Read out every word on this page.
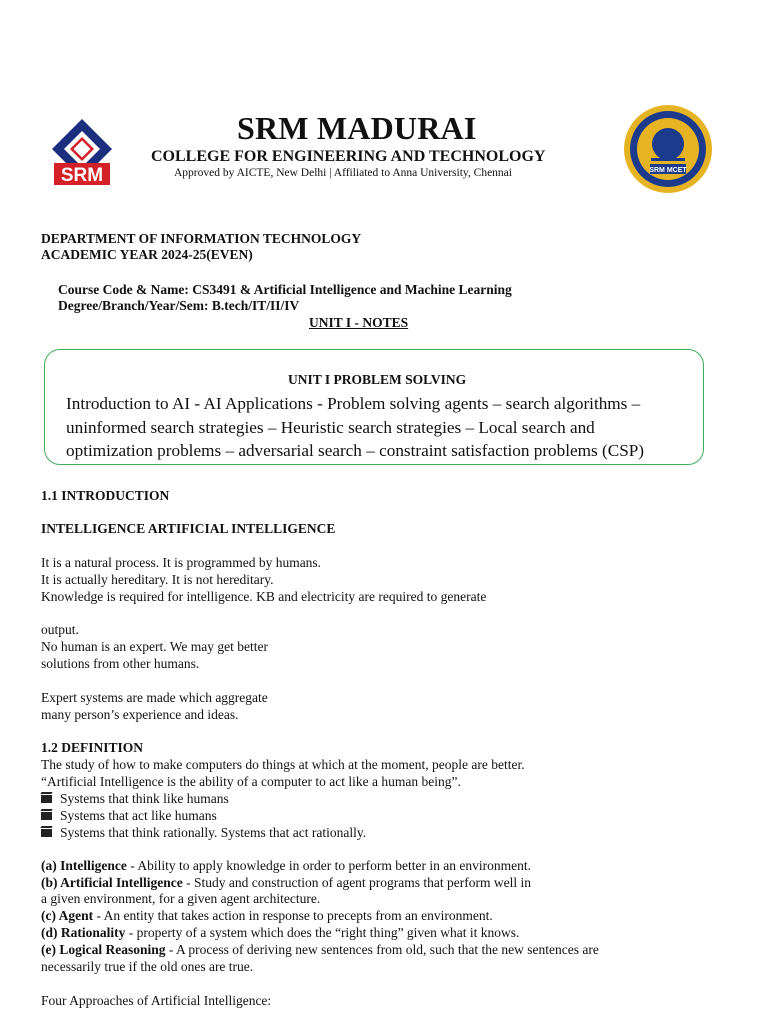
SRM
SRM MADURAI
COLLEGE FOR ENGINEERING AND TECHNOLOGY
Approved by AICTE, New Delhi | Affiliated to Anna University, Chennai	SRM MCET
DEPARTMENT OF INFORMATION TECHNOLOGY
ACADEMIC YEAR 2024-25(EVEN)
Course Code & Name: CS3491 & Artificial Intelligence and Machine Learning
Degree/Branch/Year/Sem: B.tech/IT/II/IV
UNIT I - NOTES
UNIT I PROBLEM SOLVING
Introduction to AI - AI Applications - Problem solving agents – search algorithms –
uninformed search strategies – Heuristic search strategies – Local search and
optimization problems – adversarial search – constraint satisfaction problems (CSP)
1.1 INTRODUCTION
INTELLIGENCE ARTIFICIAL INTELLIGENCE
It is a natural process. It is programmed by humans.
It is actually hereditary. It is not hereditary.
Knowledge is required for intelligence. KB and electricity are required to generate
output.
No human is an expert. We may get better
solutions from other humans.
Expert systems are made which aggregate
many person’s experience and ideas.
1.2 DEFINITION
The study of how to make computers do things at which at the moment, people are better.
“Artificial Intelligence is the ability of a computer to act like a human being”.
Systems that think like humans
Systems that act like humans
Systems that think rationally. Systems that act rationally.
(a) Intelligence - Ability to apply knowledge in order to perform better in an environment.
(b) Artificial Intelligence - Study and construction of agent programs that perform well in
a given environment, for a given agent architecture.
(c) Agent - An entity that takes action in response to precepts from an environment.
(d) Rationality - property of a system which does the “right thing” given what it knows.
(e) Logical Reasoning - A process of deriving new sentences from old, such that the new sentences are
necessarily true if the old ones are true.
Four Approaches of Artificial Intelligence:
